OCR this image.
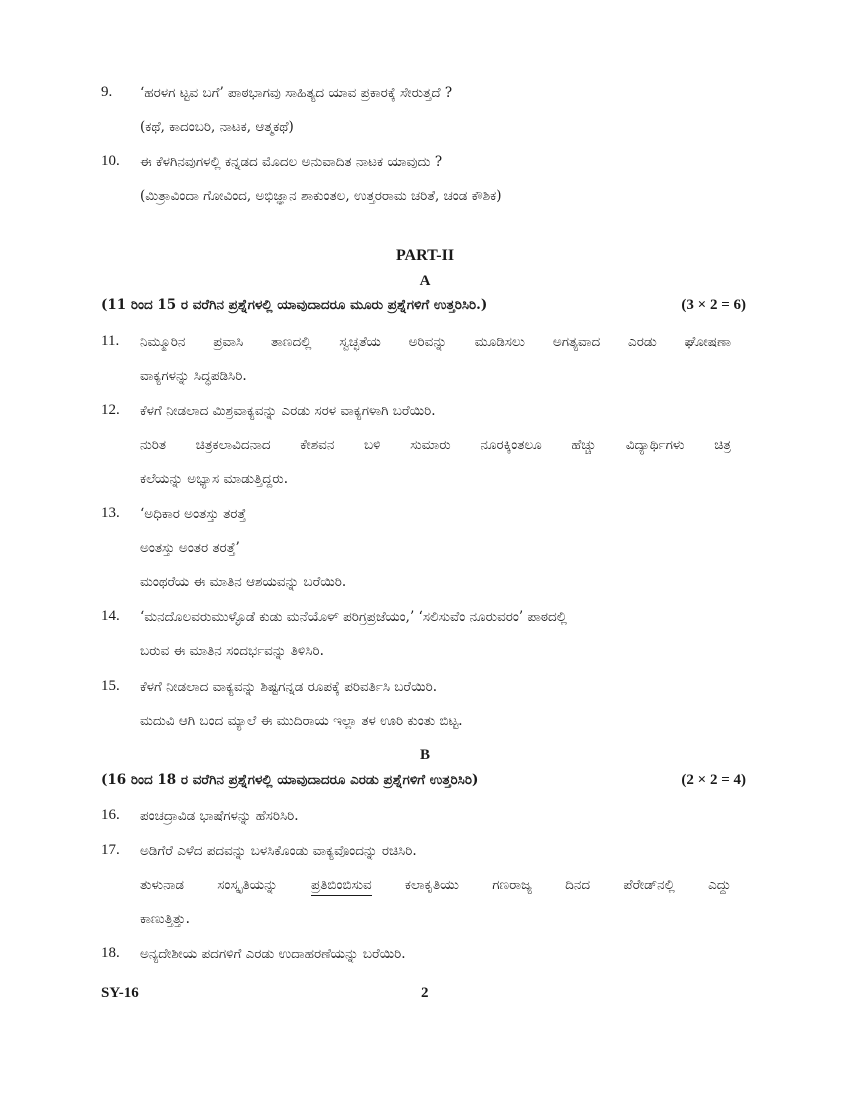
9. ‘ಹರಳಗ ಟ್ಟವ ಬಗೆ’ ಪಾಠಭಾಗವು ಸಾಹಿತ್ಯದ ಯಾವ ಪ್ರಕಾರಕ್ಕೆ ಸೇರುತ್ತದೆ ?
(ಕಥೆ, ಕಾದಂಬರಿ, ನಾಟಕ, ಆತ್ಮಕಥೆ)
10. ಈ ಕೆಳಗಿನವುಗಳಲ್ಲಿ ಕನ್ನಡದ ಮೊದಲ ಅನುವಾದಿತ ನಾಟಕ ಯಾವುದು ?
(ಮಿತ್ರಾವಿಂದಾ ಗೋವಿಂದ, ಅಭಿಜ್ಞಾನ ಶಾಕುಂತಲ, ಉತ್ತರರಾಮ ಚರಿತೆ, ಚಂಡ ಕೌಶಿಕ)
PART-II
A
(11 ರಿಂದ 15 ರ ವರೆಗಿನ ಪ್ರಶ್ನೆಗಳಲ್ಲಿ ಯಾವುದಾದರೂ ಮೂರು ಪ್ರಶ್ನೆಗಳಿಗೆ ಉತ್ತರಿಸಿರಿ.)	(3 × 2 = 6)
11. ನಿಮ್ಮೂರಿನ ಪ್ರವಾಸಿ ತಾಣದಲ್ಲಿ ಸ್ವಚ್ಛತೆಯ ಅರಿವನ್ನು ಮೂಡಿಸಲು ಅಗತ್ಯವಾದ ಎರಡು ಘೋಷಣಾ
ವಾಕ್ಯಗಳನ್ನು ಸಿದ್ಧಪಡಿಸಿರಿ.
12. ಕೆಳಗೆ ನೀಡಲಾದ ಮಿಶ್ರವಾಕ್ಯವನ್ನು ಎರಡು ಸರಳ ವಾಕ್ಯಗಳಾಗಿ ಬರೆಯಿರಿ.
ನುರಿತ ಚಿತ್ರಕಲಾವಿದನಾದ ಕೇಶವನ ಬಳಿ ಸುಮಾರು ನೂರಕ್ಕಿಂತಲೂ ಹೆಚ್ಚು ವಿದ್ಯಾರ್ಥಿಗಳು ಚಿತ್ರ
ಕಲೆಯನ್ನು ಅಭ್ಯಾಸ ಮಾಡುತ್ತಿದ್ದರು.
13. ‘ಅಧಿಕಾರ ಅಂತಸ್ತು ತರತ್ತೆ
ಅಂತಸ್ತು ಅಂತರ ತರತ್ತೆ’
ಮಂಥರೆಯ ಈ ಮಾತಿನ ಆಶಯವನ್ನು ಬರೆಯಿರಿ.
14. ‘ಮನದೊಲವರುಮುಳ್ಳೊಡೆ ಕುಡು ಮನೆಯೊಳ್ ಪರಿಗ್ರಪ್ರಜೆಯಂ,’ ‘ಸಲಿಸುವೆಂ ನೂರುವರಂ’ ಪಾಠದಲ್ಲಿ
ಬರುವ ಈ ಮಾತಿನ ಸಂದರ್ಭವನ್ನು ತಿಳಿಸಿರಿ.
15. ಕೆಳಗೆ ನೀಡಲಾದ ವಾಕ್ಯವನ್ನು ಶಿಷ್ಟಗನ್ನಡ ರೂಪಕ್ಕೆ ಪರಿವರ್ತಿಸಿ ಬರೆಯಿರಿ.
ಮದುವಿ ಆಗಿ ಬಂದ ಮ್ಯಾಲೆ ಈ ಮುದಿರಾಯ ಇಲ್ಲಾ ತಳ ಊರಿ ಕುಂತು ಬಿಟ್ಟ.
B
(16 ರಿಂದ 18 ರ ವರೆಗಿನ ಪ್ರಶ್ನೆಗಳಲ್ಲಿ ಯಾವುದಾದರೂ ಎರಡು ಪ್ರಶ್ನೆಗಳಿಗೆ ಉತ್ತರಿಸಿರಿ)	(2 × 2 = 4)
16. ಪಂಚದ್ರಾವಿಡ ಭಾಷೆಗಳನ್ನು ಹೆಸರಿಸಿರಿ.
17. ಅಡಿಗೆರೆ ಎಳೆದ ಪದವನ್ನು ಬಳಸಿಕೊಂಡು ವಾಕ್ಯವೊಂದನ್ನು ರಚಿಸಿರಿ.
ತುಳುನಾಡ ಸಂಸ್ಕೃತಿಯನ್ನು ಪ್ರತಿಬಿಂಬಿಸುವ ಕಲಾಕೃತಿಯು ಗಣರಾಜ್ಯ ದಿನದ ಪೆರೇಡ್‌ನಲ್ಲಿ ಎದ್ದು
ಕಾಣುತ್ತಿತ್ತು.
18. ಅನ್ಯದೇಶೀಯ ಪದಗಳಿಗೆ ಎರಡು ಉದಾಹರಣೆಯನ್ನು ಬರೆಯಿರಿ.
SY-16	2
